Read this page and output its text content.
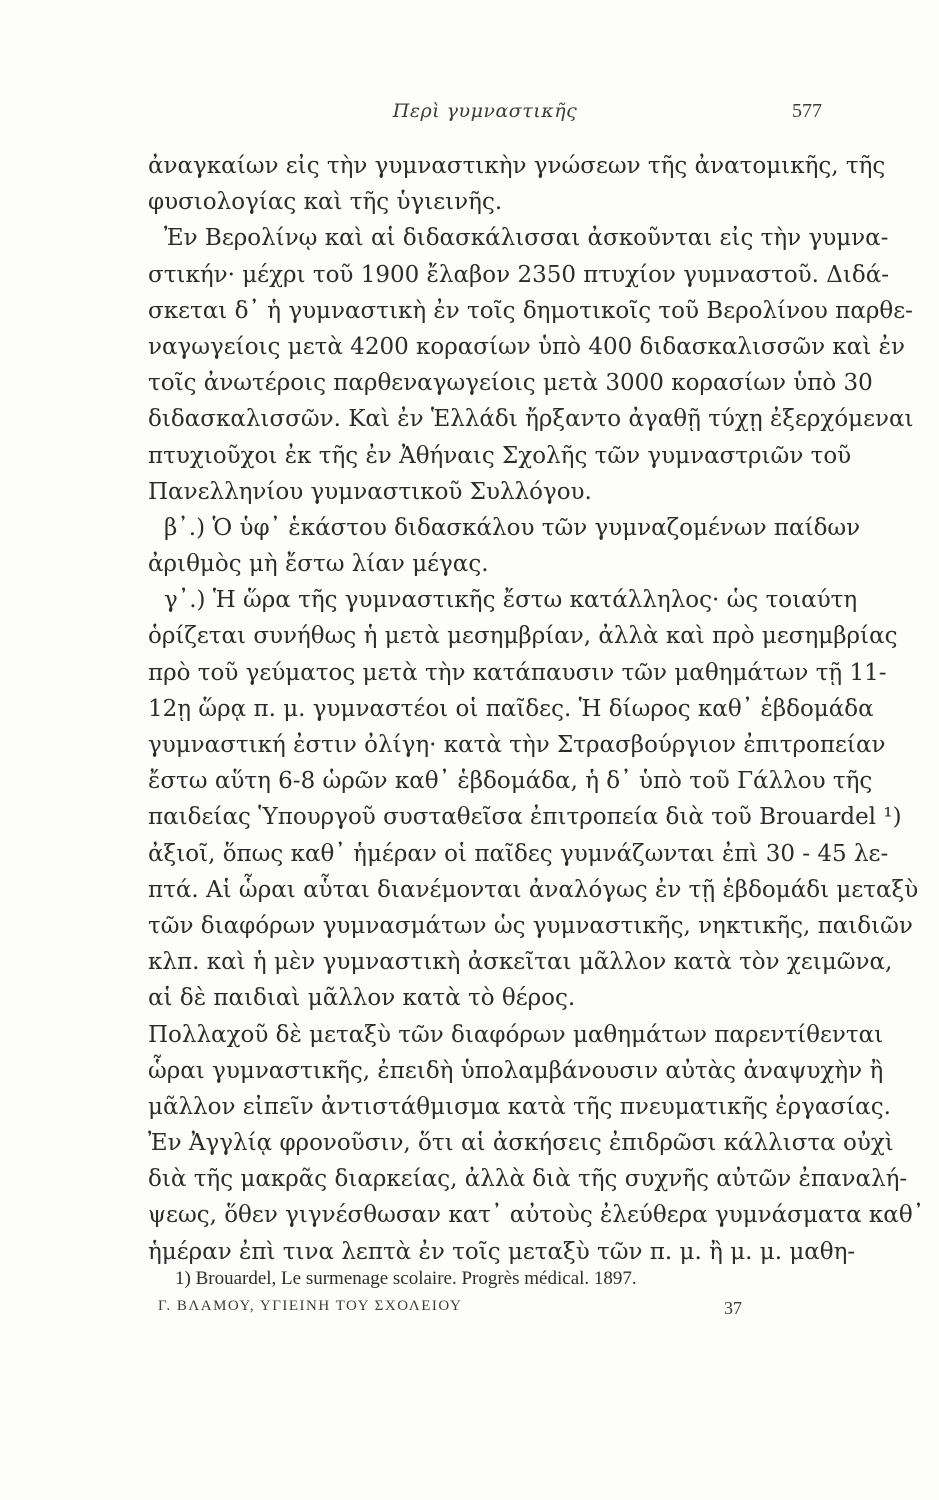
Περὶ γυμναστικῆς	577
ἀναγκαίων εἰς τὴν γυμναστικὴν γνώσεων τῆς ἀνατομικῆς, τῆς
φυσιολογίας καὶ τῆς ὑγιεινῆς.
Ἐν Βερολίνῳ καὶ αἱ διδασκάλισσαι ἀσκοῦνται εἰς τὴν γυμνα-
στικήν· μέχρι τοῦ 1900 ἔλαβον 2350 πτυχίον γυμναστοῦ. Διδά-
σκεται δ᾽ ἡ γυμναστικὴ ἐν τοῖς δημοτικοῖς τοῦ Βερολίνου παρθε-
ναγωγείοις μετὰ 4200 κορασίων ὑπὸ 400 διδασκαλισσῶν καὶ ἐν
τοῖς ἀνωτέροις παρθεναγωγείοις μετὰ 3000 κορασίων ὑπὸ 30
διδασκαλισσῶν. Καὶ ἐν Ἑλλάδι ἤρξαντο ἀγαθῇ τύχῃ ἐξερχόμεναι
πτυχιοῦχοι ἐκ τῆς ἐν Ἀθήναις Σχολῆς τῶν γυμναστριῶν τοῦ
Πανελληνίου γυμναστικοῦ Συλλόγου.
β᾽.) Ὁ ὑφ᾽ ἑκάστου διδασκάλου τῶν γυμναζομένων παίδων
ἀριθμὸς μὴ ἔστω λίαν μέγας.
γ᾽.) Ἡ ὥρα τῆς γυμναστικῆς ἔστω κατάλληλος· ὡς τοιαύτη
ὁρίζεται συνήθως ἡ μετὰ μεσημβρίαν, ἀλλὰ καὶ πρὸ μεσημβρίας
πρὸ τοῦ γεύματος μετὰ τὴν κατάπαυσιν τῶν μαθημάτων τῇ 11-
12ῃ ὥρᾳ π. μ. γυμναστέοι οἱ παῖδες. Ἡ δίωρος καθ᾽ ἑβδομάδα
γυμναστική ἐστιν ὀλίγη· κατὰ τὴν Στρασβούργιον ἐπιτροπείαν
ἔστω αὕτη 6-8 ὡρῶν καθ᾽ ἑβδομάδα, ἡ δ᾽ ὑπὸ τοῦ Γάλλου τῆς
παιδείας Ὑπουργοῦ συσταθεῖσα ἐπιτροπεία διὰ τοῦ Brouardel ¹)
ἀξιοῖ, ὅπως καθ᾽ ἡμέραν οἱ παῖδες γυμνάζωνται ἐπὶ 30 - 45 λε-
πτά. Αἱ ὧραι αὗται διανέμονται ἀναλόγως ἐν τῇ ἑβδομάδι μεταξὺ
τῶν διαφόρων γυμνασμάτων ὡς γυμναστικῆς, νηκτικῆς, παιδιῶν
κλπ. καὶ ἡ μὲν γυμναστικὴ ἀσκεῖται μᾶλλον κατὰ τὸν χειμῶνα,
αἱ δὲ παιδιαὶ μᾶλλον κατὰ τὸ θέρος.
Πολλαχοῦ δὲ μεταξὺ τῶν διαφόρων μαθημάτων παρεντίθενται
ὧραι γυμναστικῆς, ἐπειδὴ ὑπολαμβάνουσιν αὐτὰς ἀναψυχὴν ἢ
μᾶλλον εἰπεῖν ἀντιστάθμισμα κατὰ τῆς πνευματικῆς ἐργασίας.
Ἐν Ἀγγλίᾳ φρονοῦσιν, ὅτι αἱ ἀσκήσεις ἐπιδρῶσι κάλλιστα οὐχὶ
διὰ τῆς μακρᾶς διαρκείας, ἀλλὰ διὰ τῆς συχνῆς αὐτῶν ἐπαναλή-
ψεως, ὅθεν γιγνέσθωσαν κατ᾽ αὐτοὺς ἐλεύθερα γυμνάσματα καθ᾽
ἡμέραν ἐπὶ τινα λεπτὰ ἐν τοῖς μεταξὺ τῶν π. μ. ἢ μ. μ. μαθη-
1) Brouardel, Le surmenage scolaire. Progrès médical. 1897.
Γ. ΒΛΑΜΟΥ, ΥΓΙΕΙΝΗ ΤΟΥ ΣΧΟΛΕΙΟΥ	37
